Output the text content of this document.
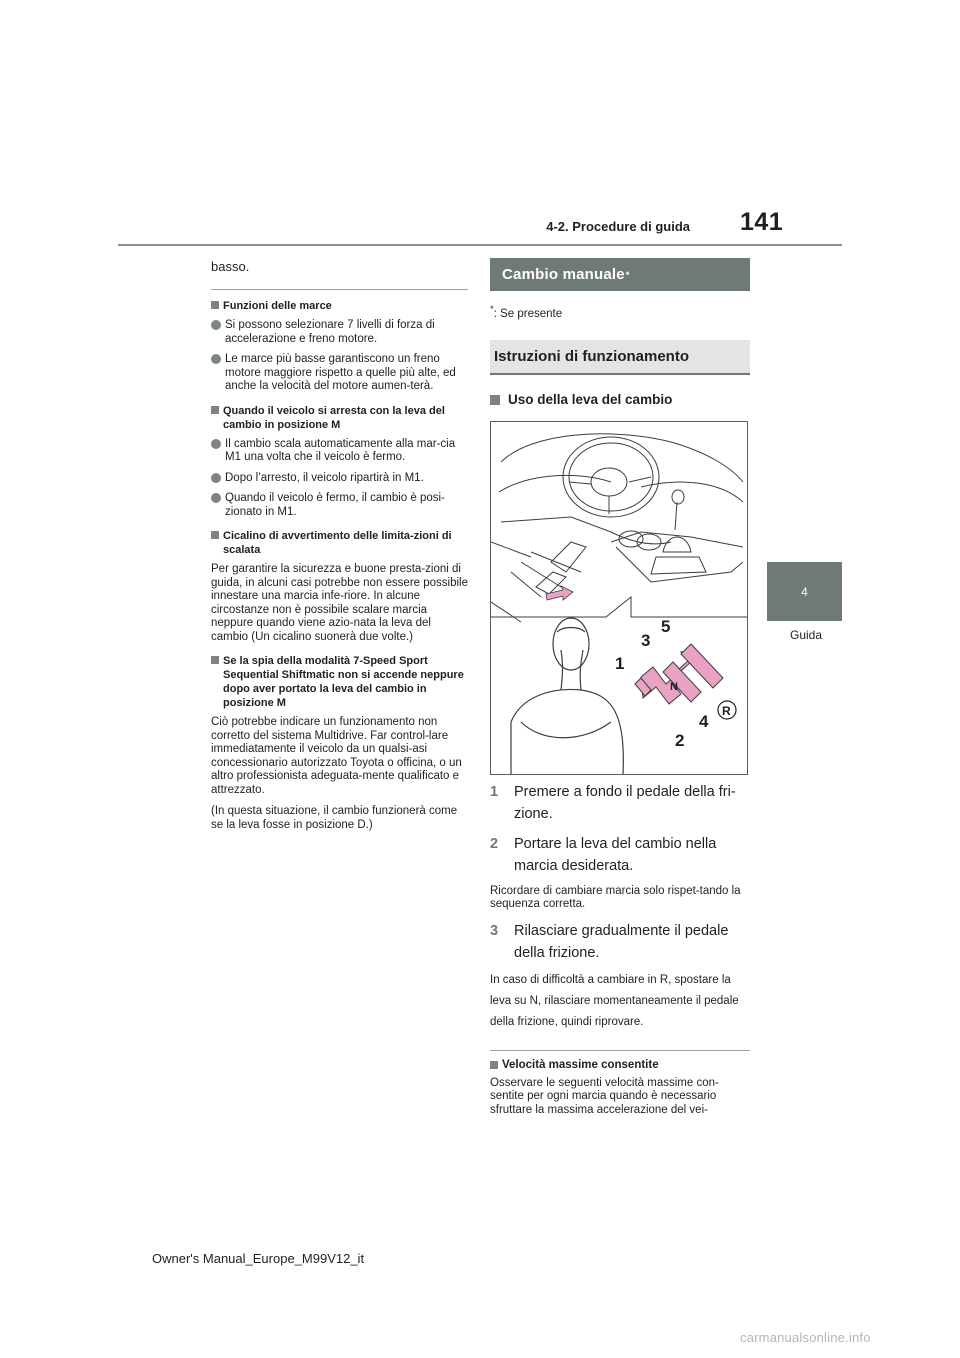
4-2. Procedure di guida 141
4
Guida

basso.

Funzioni delle marce

Si possono selezionare 7 livelli di forza di accelerazione e freno motore.

Le marce più basse garantiscono un freno motore maggiore rispetto a quelle più alte, ed anche la velocità del motore aumen-terà.

Quando il veicolo si arresta con la leva del cambio in posizione M

Il cambio scala automaticamente alla mar-cia M1 una volta che il veicolo è fermo.

Dopo l’arresto, il veicolo ripartirà in M1.

Quando il veicolo è fermo, il cambio è posi-zionato in M1.

Cicalino di avvertimento delle limita-zioni di scalata

Per garantire la sicurezza e buone presta-zioni di guida, in alcuni casi potrebbe non essere possibile innestare una marcia infe-riore. In alcune circostanze non è possibile scalare marcia neppure quando viene azio-nata la leva del cambio (Un cicalino suonerà due volte.)

Se la spia della modalità 7-Speed Sport Sequential Shiftmatic non si accende neppure dopo aver portato la leva del cambio in posizione M

Ciò potrebbe indicare un funzionamento non corretto del sistema Multidrive. Far control-lare immediatamente il veicolo da un qualsi-asi concessionario autorizzato Toyota o officina, o un altro professionista adeguata-mente qualificato e attrezzato.

(In questa situazione, il cambio funzionerà come se la leva fosse in posizione D.)

Cambio manuale *

*: Se presente

Istruzioni di funzionamento

Uso della leva del cambio

1
3
5
2
4
N
R
1 Premere a fondo il pedale della fri-zione.
2 Portare la leva del cambio nella marcia desiderata.

Ricordare di cambiare marcia solo rispet-tando la sequenza corretta.

3 Rilasciare gradualmente il pedale della frizione.

In caso di difficoltà a cambiare in R, spostare la leva su N, rilasciare momentaneamente il pedale della frizione, quindi riprovare.

Velocità massime consentite

Osservare le seguenti velocità massime con-sentite per ogni marcia quando è necessario sfruttare la massima accelerazione del vei-

Owner's Manual_Europe_M99V12_it
carmanualsonline.info
